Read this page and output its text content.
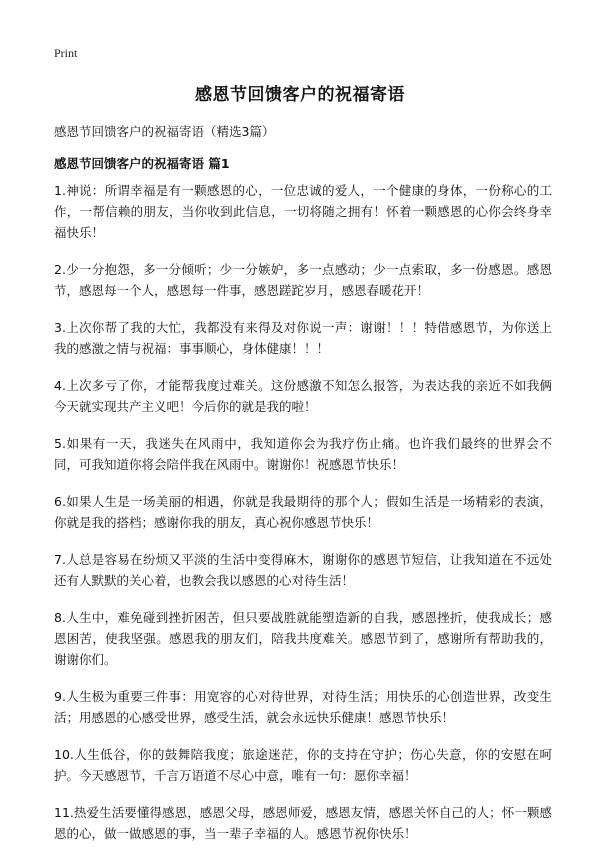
Print
感恩节回馈客户的祝福寄语
感恩节回馈客户的祝福寄语（精选3篇）
感恩节回馈客户的祝福寄语 篇1

1.神说：所谓幸福是有一颗感恩的心，一位忠诚的爱人，一个健康的身体，一份称心的工作，一帮信赖的朋友，当你收到此信息，一切将随之拥有！怀着一颗感恩的心你会终身幸福快乐！

2.少一分抱怨，多一分倾听；少一分嫉妒，多一点感动；少一点索取，多一份感恩。感恩节，感恩每一个人，感恩每一件事，感恩蹉跎岁月，感恩春暖花开！

3.上次你帮了我的大忙，我都没有来得及对你说一声：谢谢！！！特借感恩节，为你送上我的感激之情与祝福：事事顺心，身体健康！！！

4.上次多亏了你，才能帮我度过难关。这份感激不知怎么报答，为表达我的亲近不如我俩今天就实现共产主义吧！今后你的就是我的啦！

5.如果有一天，我迷失在风雨中，我知道你会为我疗伤止痛。也许我们最终的世界会不同，可我知道你将会陪伴我在风雨中。谢谢你！祝感恩节快乐！

6.如果人生是一场美丽的相遇，你就是我最期待的那个人；假如生活是一场精彩的表演，你就是我的搭档；感谢你我的朋友，真心祝你感恩节快乐！

7.人总是容易在纷烦又平淡的生活中变得麻木，谢谢你的感恩节短信，让我知道在不远处还有人默默的关心着，也教会我以感恩的心对待生活！

8.人生中，难免碰到挫折困苦，但只要战胜就能塑造新的自我，感恩挫折，使我成长；感恩困苦，使我坚强。感恩我的朋友们，陪我共度难关。感恩节到了，感谢所有帮助我的，谢谢你们。

9.人生极为重要三件事：用宽容的心对待世界，对待生活；用快乐的心创造世界，改变生活；用感恩的心感受世界，感受生活，就会永远快乐健康！感恩节快乐！

10.人生低谷，你的鼓舞陪我度；旅途迷茫，你的支持在守护；伤心失意，你的安慰在呵护。今天感恩节，千言万语道不尽心中意，唯有一句：愿你幸福！

11.热爱生活要懂得感恩，感恩父母，感恩师爱，感恩友情，感恩关怀自己的人；怀一颗感恩的心，做一做感恩的事，当一辈子幸福的人。感恩节祝你快乐！
